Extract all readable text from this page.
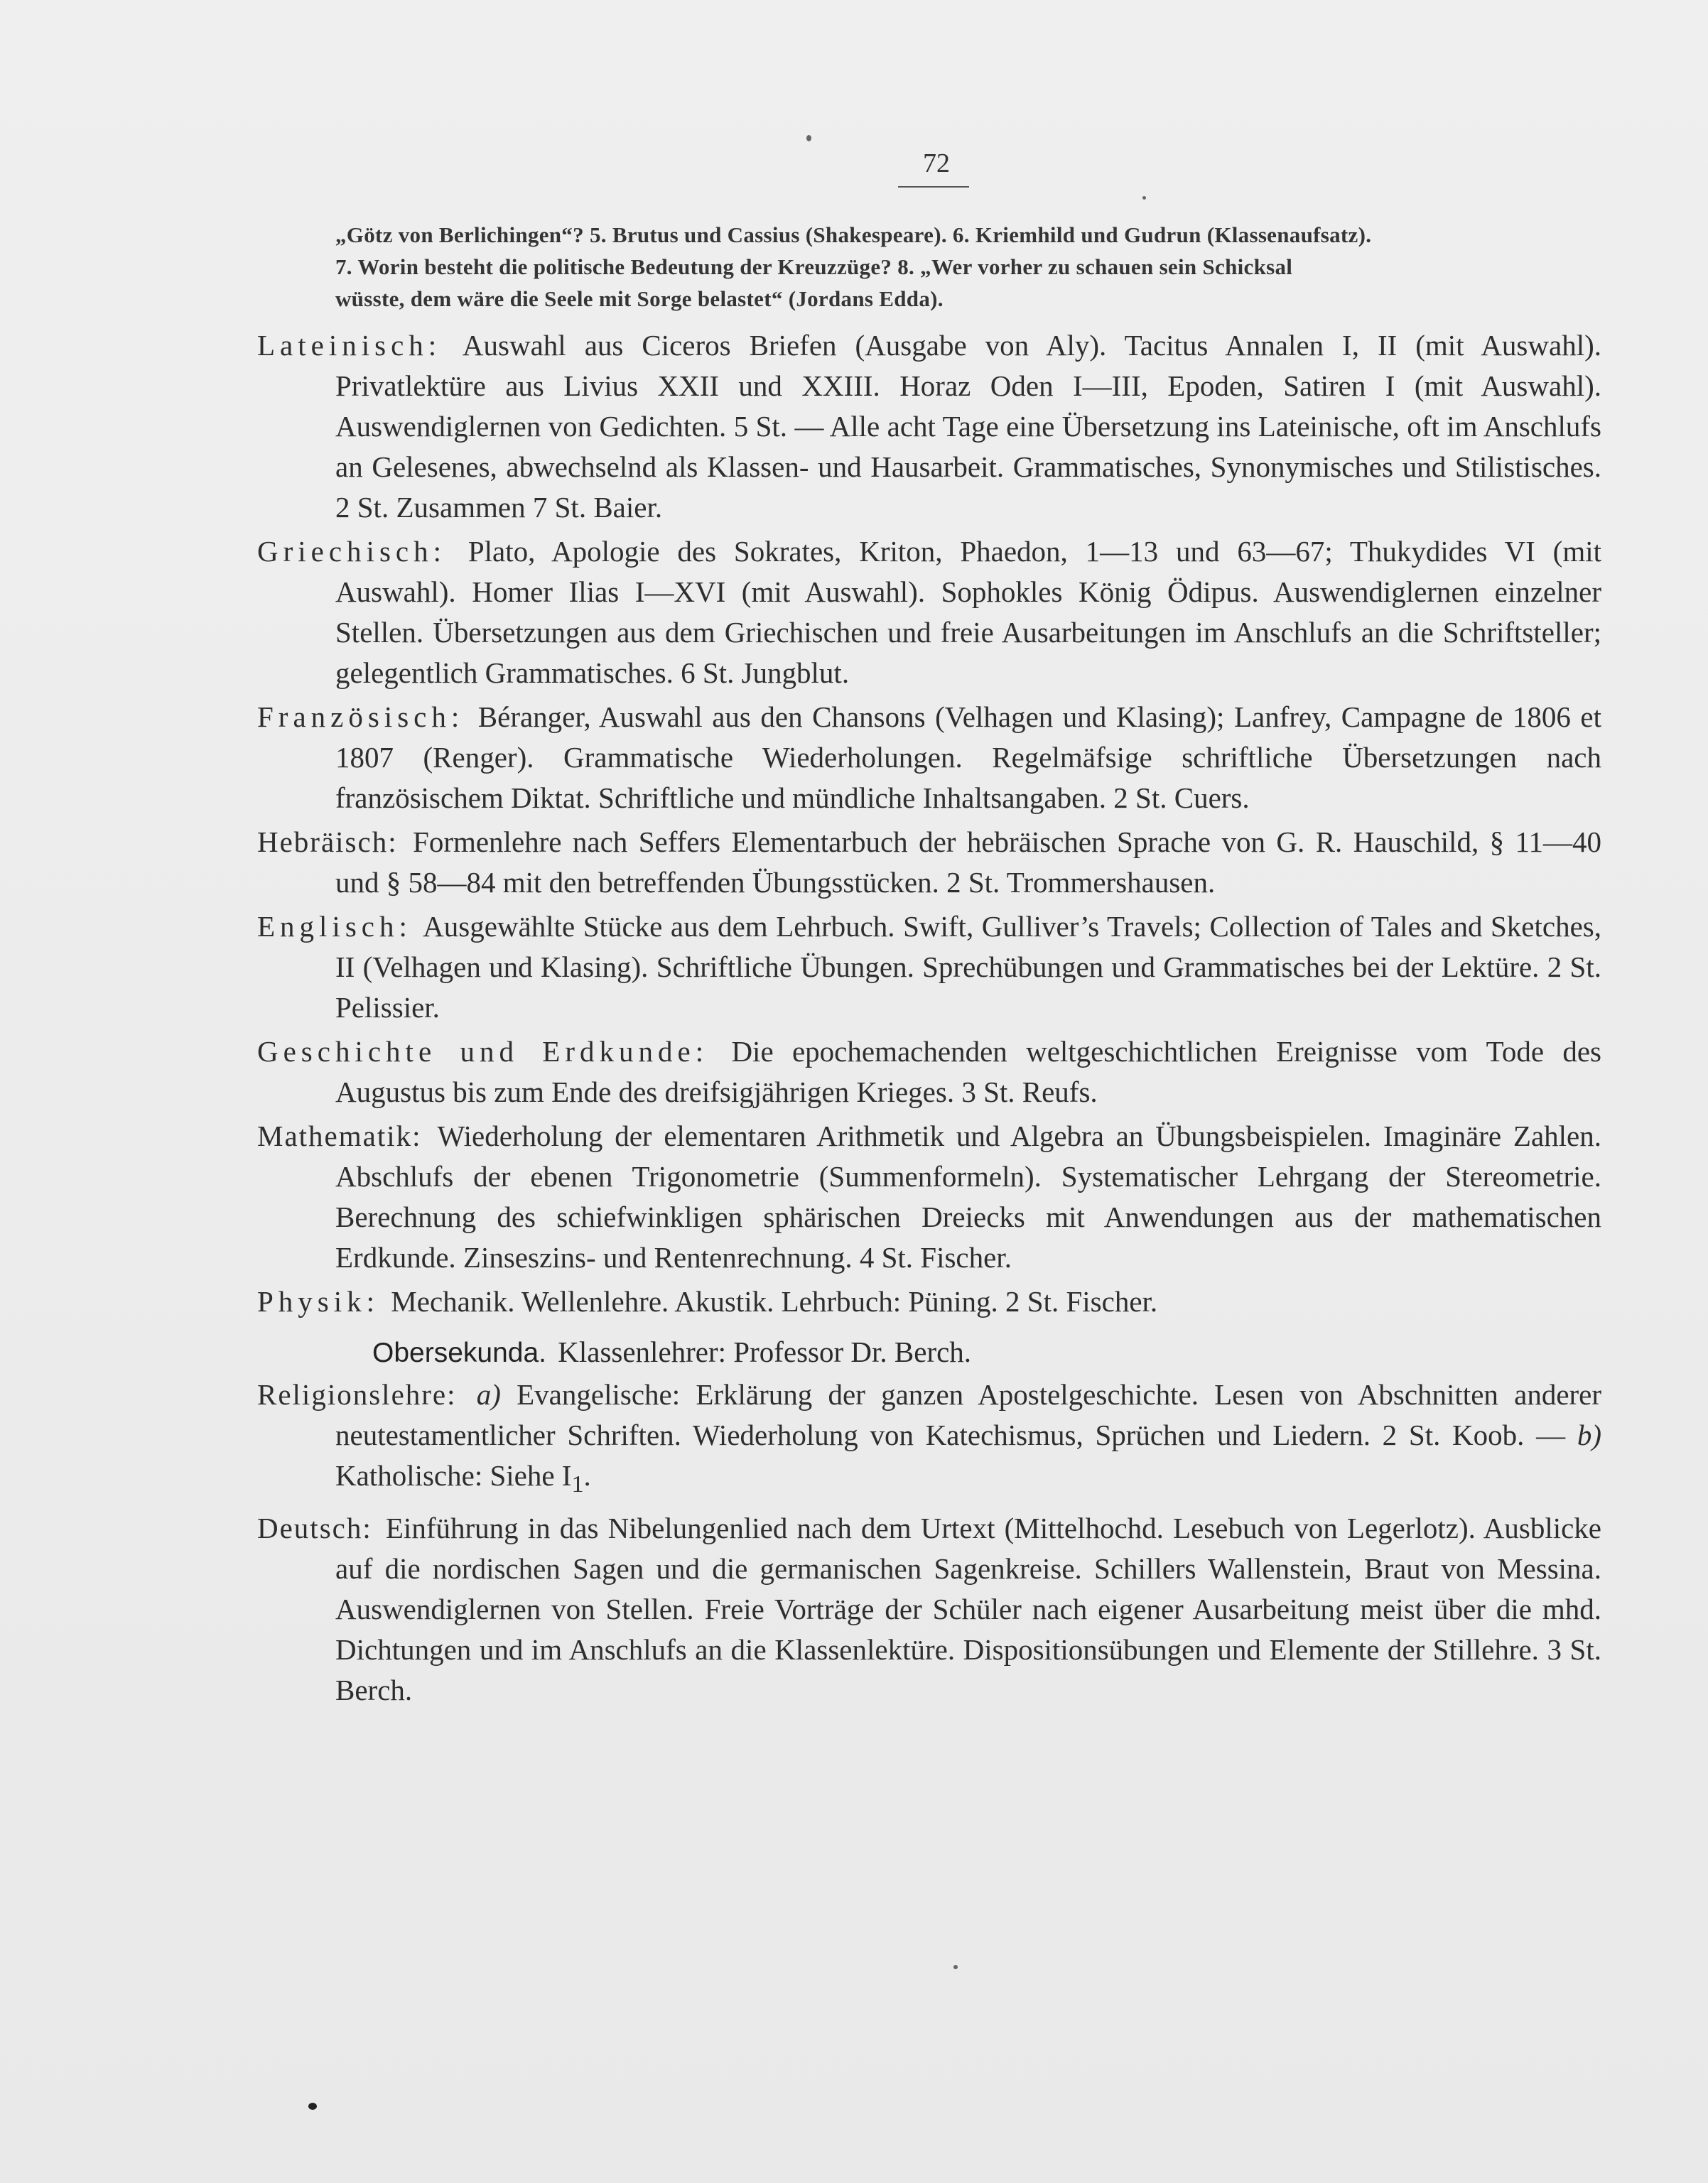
72
„Götz von Berlichingen“? 5. Brutus und Cassius (Shakespeare). 6. Kriemhild und Gudrun (Klassenaufsatz).
7. Worin besteht die politische Bedeutung der Kreuzzüge? 8. „Wer vorher zu schauen sein Schicksal
wüsste, dem wäre die Seele mit Sorge belastet“ (Jordans Edda).
Lateinisch: Auswahl aus Ciceros Briefen (Ausgabe von Aly). Tacitus Annalen I, II (mit Auswahl). Privatlektüre aus Livius XXII und XXIII. Horaz Oden I—III, Epoden, Satiren I (mit Auswahl). Auswendiglernen von Gedichten. 5 St. — Alle acht Tage eine Übersetzung ins Lateinische, oft im Anschlufs an Gelesenes, abwechselnd als Klassen- und Hausarbeit. Grammatisches, Synonymisches und Stilistisches. 2 St. Zusammen 7 St. Baier.
Griechisch: Plato, Apologie des Sokrates, Kriton, Phaedon, 1—13 und 63—67; Thukydides VI (mit Auswahl). Homer Ilias I—XVI (mit Auswahl). Sophokles König Ödipus. Auswendiglernen einzelner Stellen. Übersetzungen aus dem Griechischen und freie Ausarbeitungen im Anschlufs an die Schriftsteller; gelegentlich Grammatisches. 6 St. Jungblut.
Französisch: Béranger, Auswahl aus den Chansons (Velhagen und Klasing); Lanfrey, Campagne de 1806 et 1807 (Renger). Grammatische Wiederholungen. Regelmäfsige schriftliche Übersetzungen nach französischem Diktat. Schriftliche und mündliche Inhaltsangaben. 2 St. Cuers.
Hebräisch: Formenlehre nach Seffers Elementarbuch der hebräischen Sprache von G. R. Hauschild, § 11—40 und § 58—84 mit den betreffenden Übungsstücken. 2 St. Trommershausen.
Englisch: Ausgewählte Stücke aus dem Lehrbuch. Swift, Gulliver’s Travels; Collection of Tales and Sketches, II (Velhagen und Klasing). Schriftliche Übungen. Sprechübungen und Grammatisches bei der Lektüre. 2 St. Pelissier.
Geschichte und Erdkunde: Die epochemachenden weltgeschichtlichen Ereignisse vom Tode des Augustus bis zum Ende des dreifsigjährigen Krieges. 3 St. Reufs.
Mathematik: Wiederholung der elementaren Arithmetik und Algebra an Übungsbeispielen. Imaginäre Zahlen. Abschlufs der ebenen Trigonometrie (Summenformeln). Systematischer Lehrgang der Stereometrie. Berechnung des schiefwinkligen sphärischen Dreiecks mit Anwendungen aus der mathematischen Erdkunde. Zinseszins- und Rentenrechnung. 4 St. Fischer.
Physik: Mechanik. Wellenlehre. Akustik. Lehrbuch: Püning. 2 St. Fischer.
Obersekunda. Klassenlehrer: Professor Dr. Berch.
Religionslehre: a) Evangelische: Erklärung der ganzen Apostelgeschichte. Lesen von Abschnitten anderer neutestamentlicher Schriften. Wiederholung von Katechismus, Sprüchen und Liedern. 2 St. Koob. — b) Katholische: Siehe $I_1$.
Deutsch: Einführung in das Nibelungenlied nach dem Urtext (Mittelhochd. Lesebuch von Legerlotz). Ausblicke auf die nordischen Sagen und die germanischen Sagenkreise. Schillers Wallenstein, Braut von Messina. Auswendiglernen von Stellen. Freie Vorträge der Schüler nach eigener Ausarbeitung meist über die mhd. Dichtungen und im Anschlufs an die Klassenlektüre. Dispositionsübungen und Elemente der Stillehre. 3 St. Berch.
